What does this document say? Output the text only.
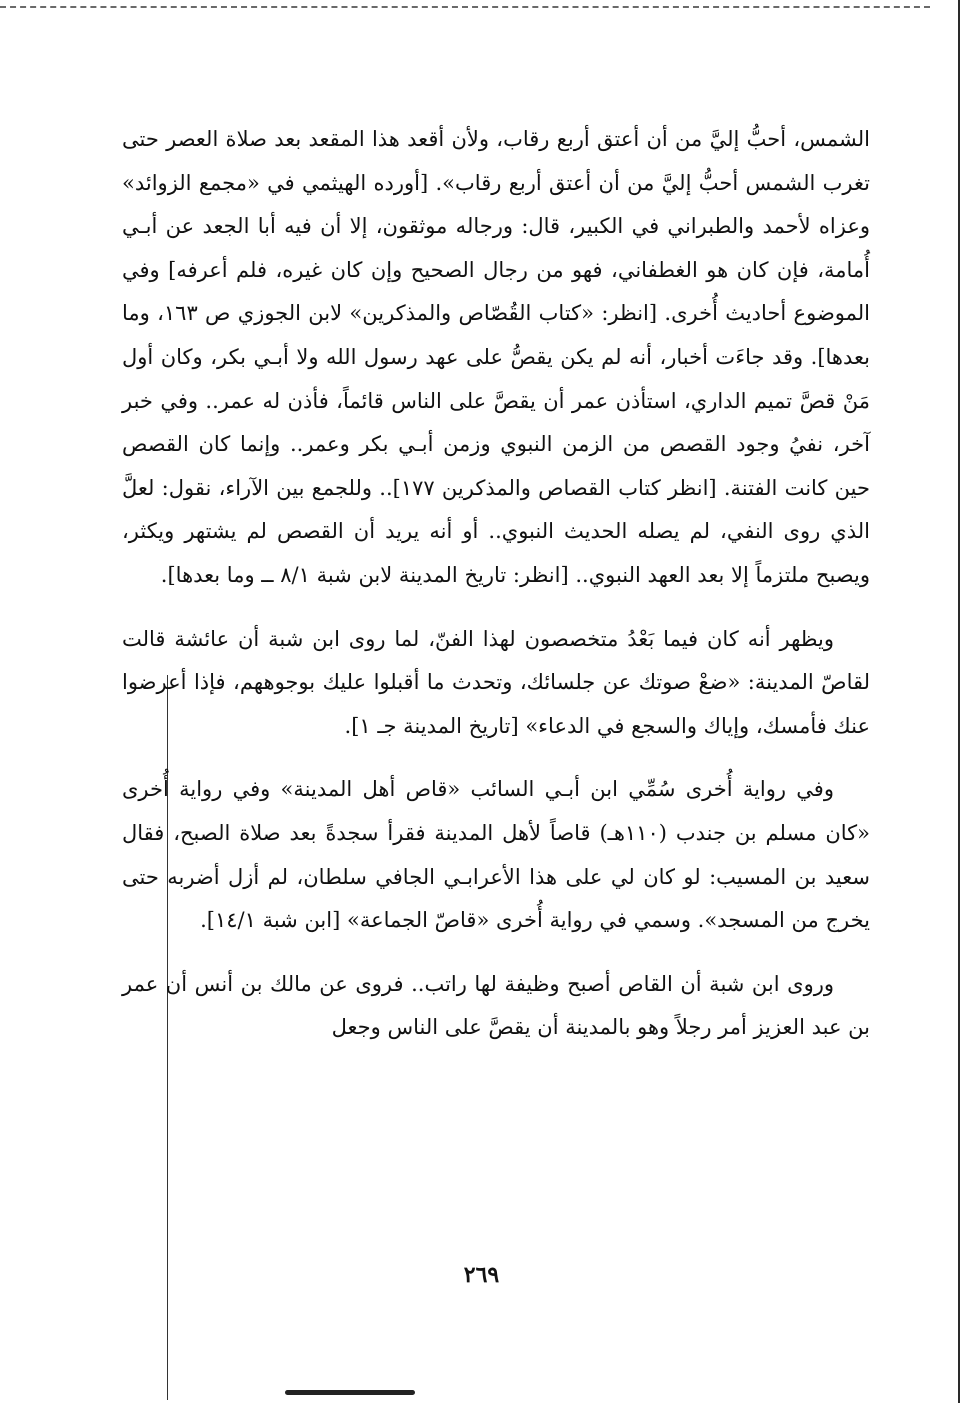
الشمس، أحبُّ إليَّ من أن أعتق أربع رقاب، ولأن أقعد هذا المقعد بعد صلاة العصر حتى تغرب الشمس أحبُّ إليَّ من أن أعتق أربع رقاب». [أورده الهيثمي في «مجمع الزوائد» وعزاه لأحمد والطبراني في الكبير، قال: ورجاله موثقون، إلا أن فيه أبا الجعد عن أبـي أُمامة، فإن كان هو الغطفاني، فهو من رجال الصحيح وإن كان غيره، فلم أعرفه] وفي الموضوع أحاديث أُخرى. [انظر: «كتاب القُصّاص والمذكرين» لابن الجوزي ص ١٦٣، وما بعدها]. وقد جاءَت أخبار، أنه لم يكن يقصُّ على عهد رسول الله ولا أبـي بكر، وكان أول مَنْ قصَّ تميم الداري، استأذن عمر أن يقصَّ على الناس قائماً، فأذن له عمر.. وفي خبر آخر، نفيُ وجود القصص من الزمن النبوي وزمن أبـي بكر وعمر.. وإنما كان القصص حين كانت الفتنة. [انظر كتاب القصاص والمذكرين ١٧٧].. وللجمع بين الآراء، نقول: لعلَّ الذي روى النفي، لم يصله الحديث النبوي.. أو أنه يريد أن القصص لم يشتهر ويكثر، ويصبح ملتزماً إلا بعد العهد النبوي.. [انظر: تاريخ المدينة لابن شبة ٨/١ ــ وما بعدها].

ويظهر أنه كان فيما بَعْدُ متخصصون لهذا الفنّ، لما روى ابن شبة أن عائشة قالت لقاصّ المدينة: «ضعْ صوتك عن جلسائك، وتحدث ما أقبلوا عليك بوجوههم، فإذا أعرضوا عنك فأمسك، وإياك والسجع في الدعاء» [تاريخ المدينة جـ ١].

وفي رواية أُخرى سُمِّي ابن أبـي السائب «قاص أهل المدينة» وفي رواية أُخرى «كان مسلم بن جندب (١١٠هـ) قاصاً لأهل المدينة فقرأ سجدةً بعد صلاة الصبح، فقال سعيد بن المسيب: لو كان لي على هذا الأعرابـي الجافي سلطان، لم أزل أضربه حتى يخرج من المسجد». وسمي في رواية أُخرى «قاصّ الجماعة» [ابن شبة ١٤/١].

وروى ابن شبة أن القاص أصبح وظيفة لها راتب.. فروى عن مالك بن أنس أن عمر بن عبد العزيز أمر رجلاً وهو بالمدينة أن يقصَّ على الناس وجعل

٢٦٩
